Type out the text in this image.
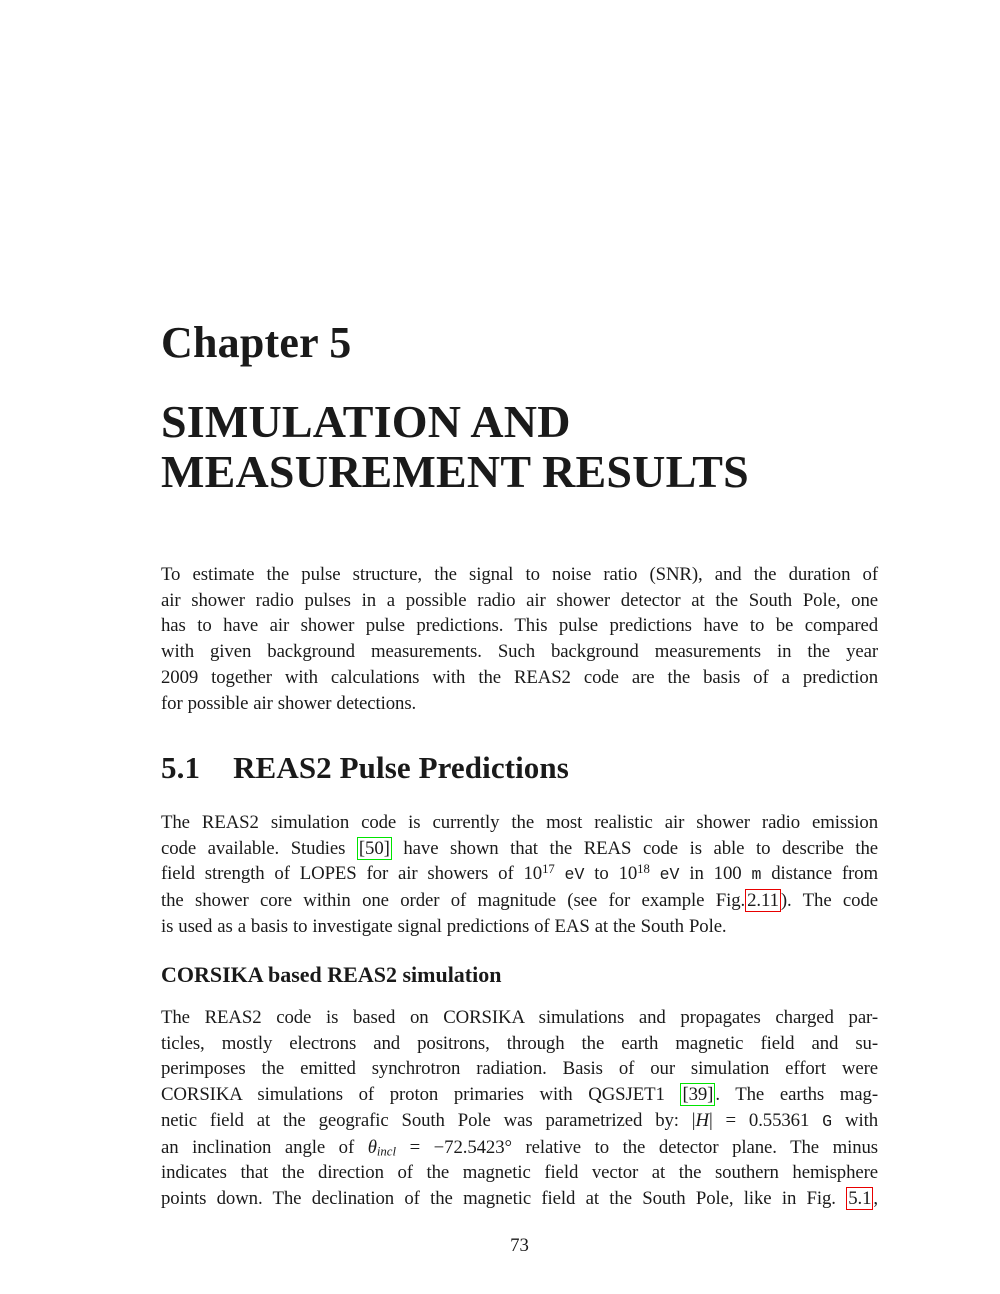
Chapter 5
SIMULATION AND
MEASUREMENT RESULTS
To estimate the pulse structure, the signal to noise ratio (SNR), and the duration of
air shower radio pulses in a possible radio air shower detector at the South Pole, one
has to have air shower pulse predictions. This pulse predictions have to be compared
with given background measurements. Such background measurements in the year
2009 together with calculations with the REAS2 code are the basis of a prediction
for possible air shower detections.
5.1 REAS2 Pulse Predictions
The REAS2 simulation code is currently the most realistic air shower radio emission
code available. Studies [50] have shown that the REAS code is able to describe the
field strength of LOPES for air showers of $10^{17}$ eV to $10^{18}$ eV in 100 m distance from
the shower core within one order of magnitude (see for example Fig. 2.11 ). The code
is used as a basis to investigate signal predictions of EAS at the South Pole.
CORSIKA based REAS2 simulation
The REAS2 code is based on CORSIKA simulations and propagates charged par-
ticles, mostly electrons and positrons, through the earth magnetic field and su-
perimposes the emitted synchrotron radiation. Basis of our simulation effort were
CORSIKA simulations of proton primaries with QGSJET1 [39] . The earths mag-
netic field at the geografic South Pole was parametrized by: |H| = 0.55361 G with
an inclination angle of θincl = −72.5423° relative to the detector plane. The minus
indicates that the direction of the magnetic field vector at the southern hemisphere
points down. The declination of the magnetic field at the South Pole, like in Fig. 5.1 ,
73
